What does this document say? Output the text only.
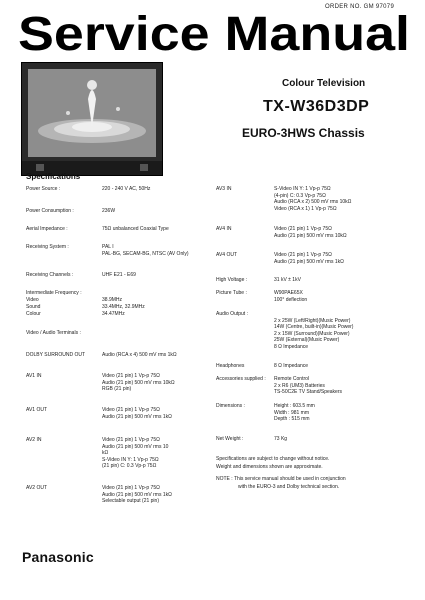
ORDER NO. GM 97079
Service Manual
Colour Television
TX-W36D3DP
EURO-3HWS Chassis
Specifications
Power Source :	220 - 240 V AC, 50Hz
Power Consumption :	236W
Aerial Impedance :	75Ω unbalanced Coaxial Type
Receiving System :	PAL I
PAL-BG, SECAM-BG, NTSC (AV Only)
Receiving Channels :	UHF E21 - E69
Intermediate Frequency :
Video	38.9MHz
Sound	33.4MHz, 32.9MHz
Colour	34.47MHz
Video / Audio Terminals :
DOLBY SURROUND OUT	Audio (RCA x 4) 500 mV rms 1kΩ
AV1 IN	Video (21 pin) 1 Vp-p 75Ω
Audio (21 pin) 500 mV rms 10kΩ
RGB (21 pin)
AV1 OUT	Video (21 pin) 1 Vp-p 75Ω
Audio (21 pin) 500 mV rms 1kΩ
AV2 IN	Video (21 pin) 1 Vp-p 75Ω
Audio (21 pin) 500 mV rms 10
kΩ
S-Video IN Y: 1 Vp-p 75Ω
(21 pin) C: 0.3 Vp-p 75Ω
AV2 OUT	Video (21 pin) 1 Vp-p 75Ω
Audio (21 pin) 500 mV rms 1kΩ
Selectable output (21 pin)
AV3 IN	S-Video IN Y: 1 Vp-p 75Ω
(4-pin) C: 0.3 Vp-p 75Ω
Audio (RCA x 2) 500 mV rms 10kΩ
Video (RCA x 1) 1 Vp-p 75Ω
AV4 IN	Video (21 pin) 1 Vp-p 75Ω
Audio (21 pin) 500 mV rms 10kΩ
AV4 OUT	Video (21 pin) 1 Vp-p 75Ω
Audio (21 pin) 500 mV rms 1kΩ
High Voltage :	31 kV ± 1kV
Picture Tube :	W90PAE65X
100° deflection
Audio Output :
2 x 25W (Left/Right)(Music Power)
14W (Centre, built-in)(Music Power)
2 x 15W (Surround)(Music Power)
25W (External)(Music Power)
8 Ω Impedance
Headphones	8 Ω Impedance
Accessories supplied : Remote Control
2 x R6 (UM3) Batteries
TS-50C2E TV Stand/Speakers
Dimensions :	Height : 603.5 mm
Width : 981 mm
Depth : 515 mm
Net Weight :	73 Kg
Specifications are subject to change without notice.
Weight and dimensions shown are approximate.
NOTE : This service manual should be used in conjunction
with the EURO-3 and Dolby technical section.
Panasonic
